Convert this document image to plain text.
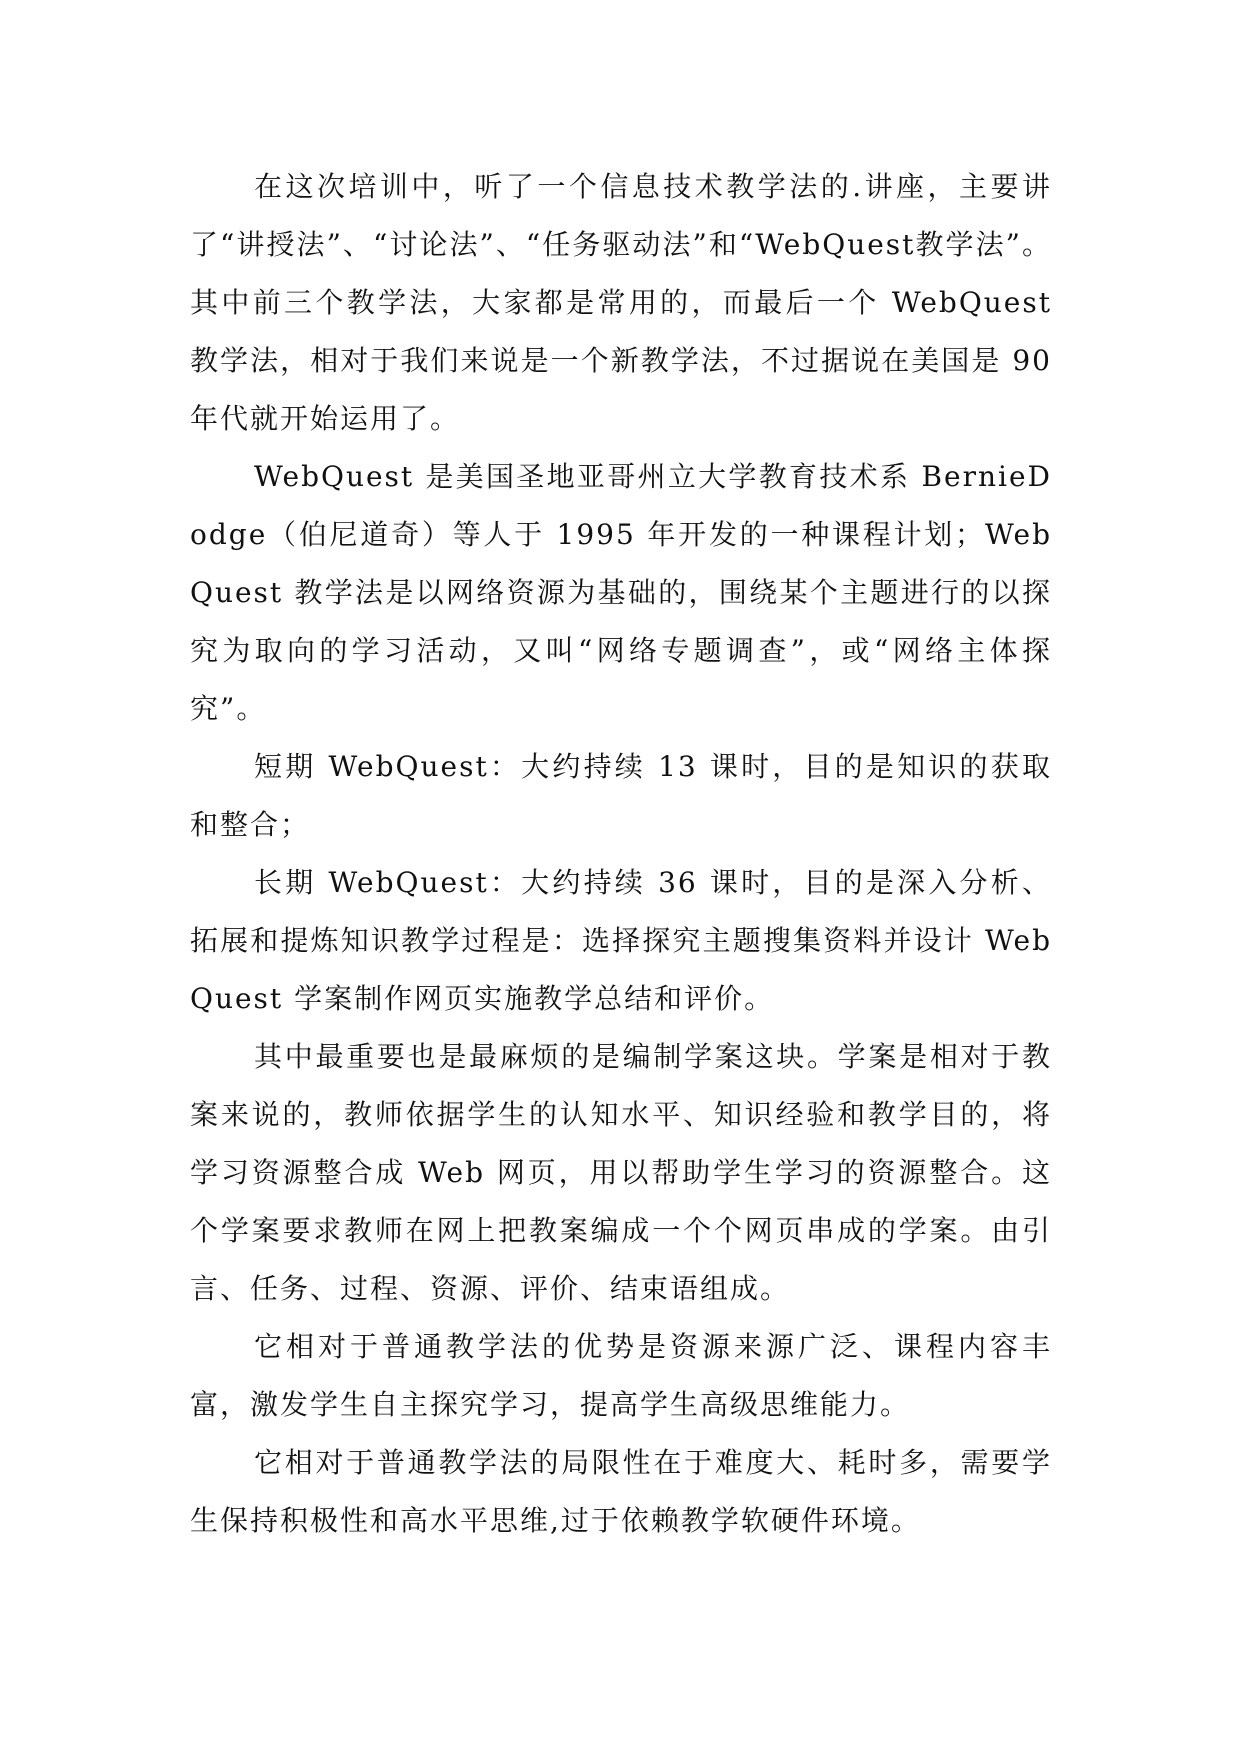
在这次培训中，听了一个信息技术教学法的.讲座，主要讲了“讲授法”、“讨论法”、“任务驱动法”和“WebQuest教学法”。其中前三个教学法，大家都是常用的，而最后一个 WebQuest 教学法，相对于我们来说是一个新教学法，不过据说在美国是 90 年代就开始运用了。

WebQuest 是美国圣地亚哥州立大学教育技术系 BernieDodge（伯尼道奇）等人于 1995 年开发的一种课程计划；WebQuest 教学法是以网络资源为基础的，围绕某个主题进行的以探究为取向的学习活动，又叫“网络专题调查”，或“网络主体探究”。

短期 WebQuest：大约持续 13 课时，目的是知识的获取和整合；

长期 WebQuest：大约持续 36 课时，目的是深入分析、拓展和提炼知识教学过程是：选择探究主题搜集资料并设计 WebQuest 学案制作网页实施教学总结和评价。

其中最重要也是最麻烦的是编制学案这块。学案是相对于教案来说的，教师依据学生的认知水平、知识经验和教学目的，将学习资源整合成 Web 网页，用以帮助学生学习的资源整合。这个学案要求教师在网上把教案编成一个个网页串成的学案。由引言、任务、过程、资源、评价、结束语组成。

它相对于普通教学法的优势是资源来源广泛、课程内容丰富，激发学生自主探究学习，提高学生高级思维能力。

它相对于普通教学法的局限性在于难度大、耗时多，需要学生保持积极性和高水平思维,过于依赖教学软硬件环境。
